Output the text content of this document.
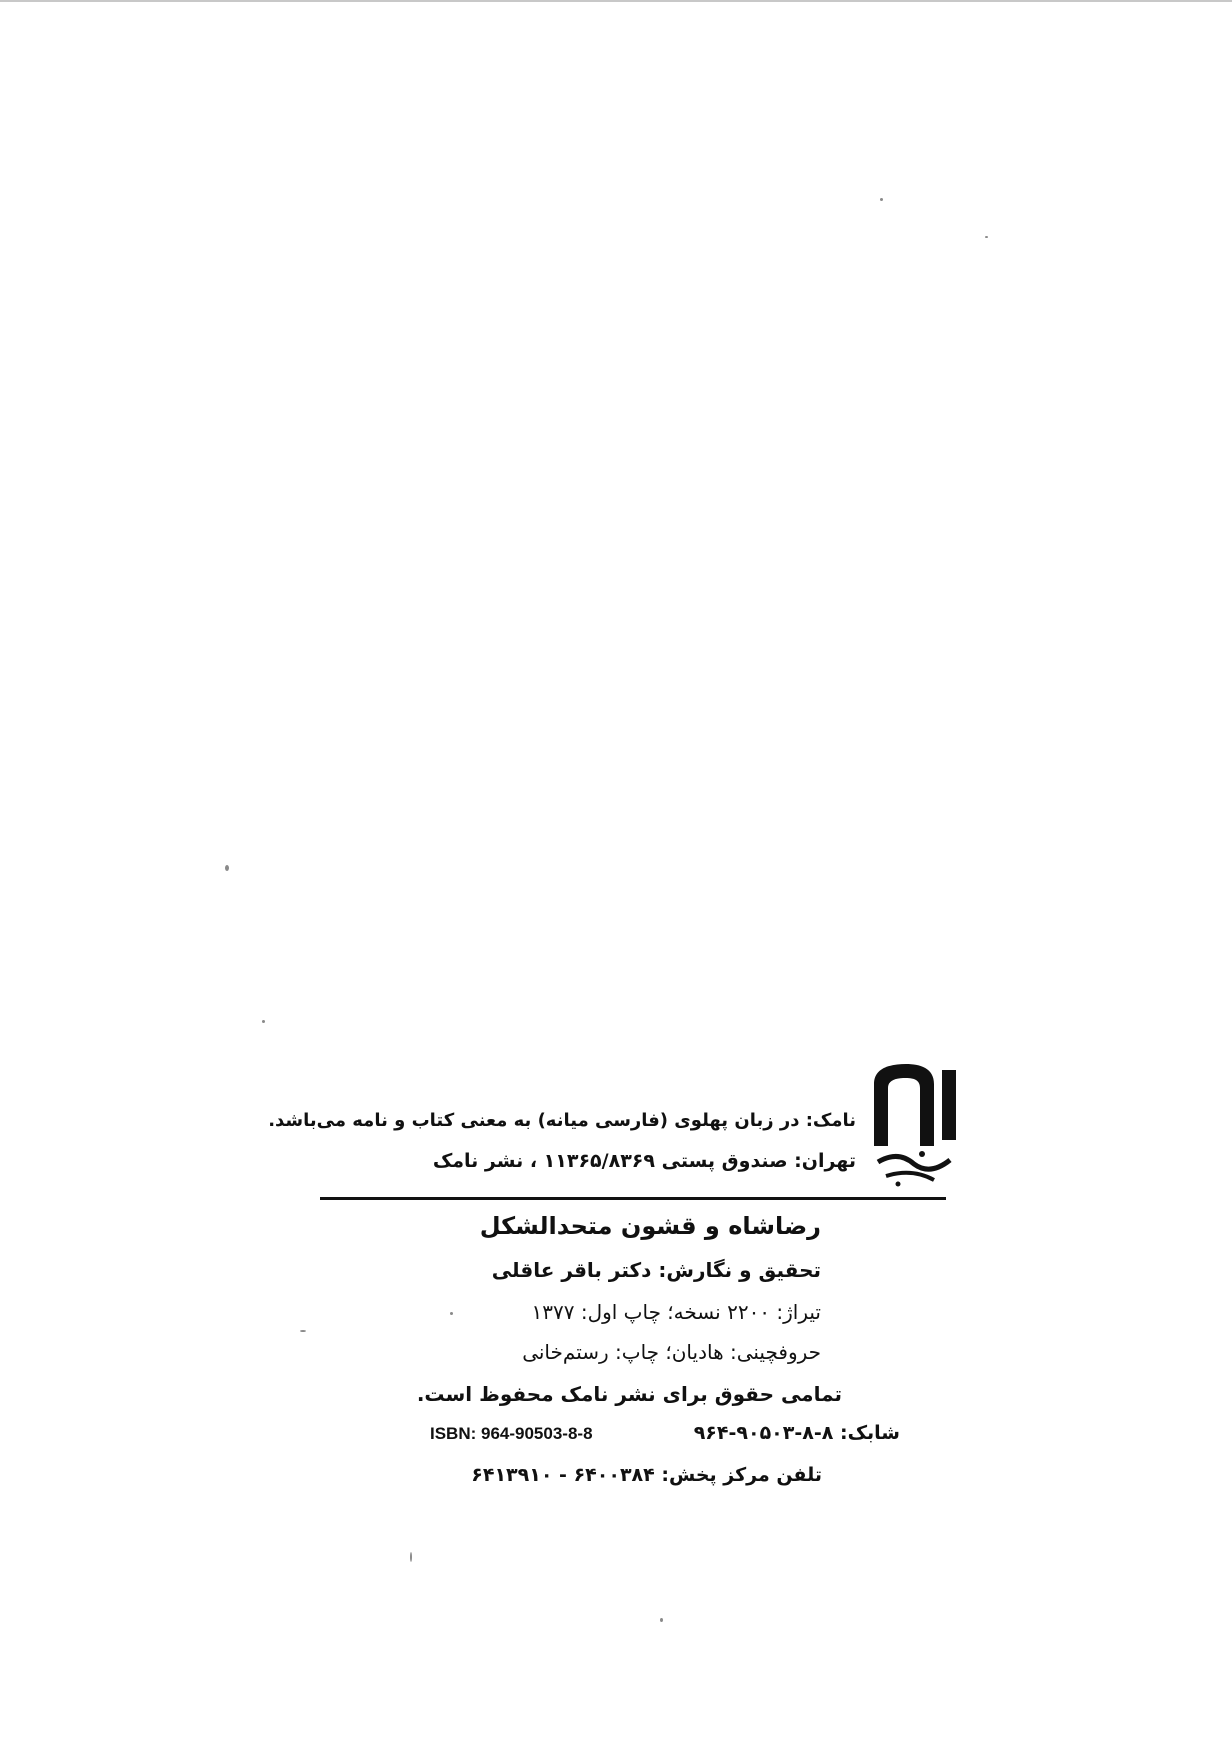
نامک: در زبان پهلوی (فارسی میانه) به معنی کتاب و نامه می‌باشد.
تهران: صندوق پستی ۱۱۳۶۵/۸۳۶۹ ، نشر نامک
رضاشاه و قشون متحدالشکل
تحقیق و نگارش: دکتر باقر عاقلی
تیراژ: ۲۲۰۰ نسخه؛ چاپ اول: ۱۳۷۷
حروفچینی: هادیان؛ چاپ: رستم‌خانی
تمامی حقوق برای نشر نامک محفوظ است.
شابک: ۸-۸-۹۰۵۰۳-۹۶۴
ISBN: 964-90503-8-8
تلفن مرکز پخش: ۶۴۰۰۳۸۴ - ۶۴۱۳۹۱۰
